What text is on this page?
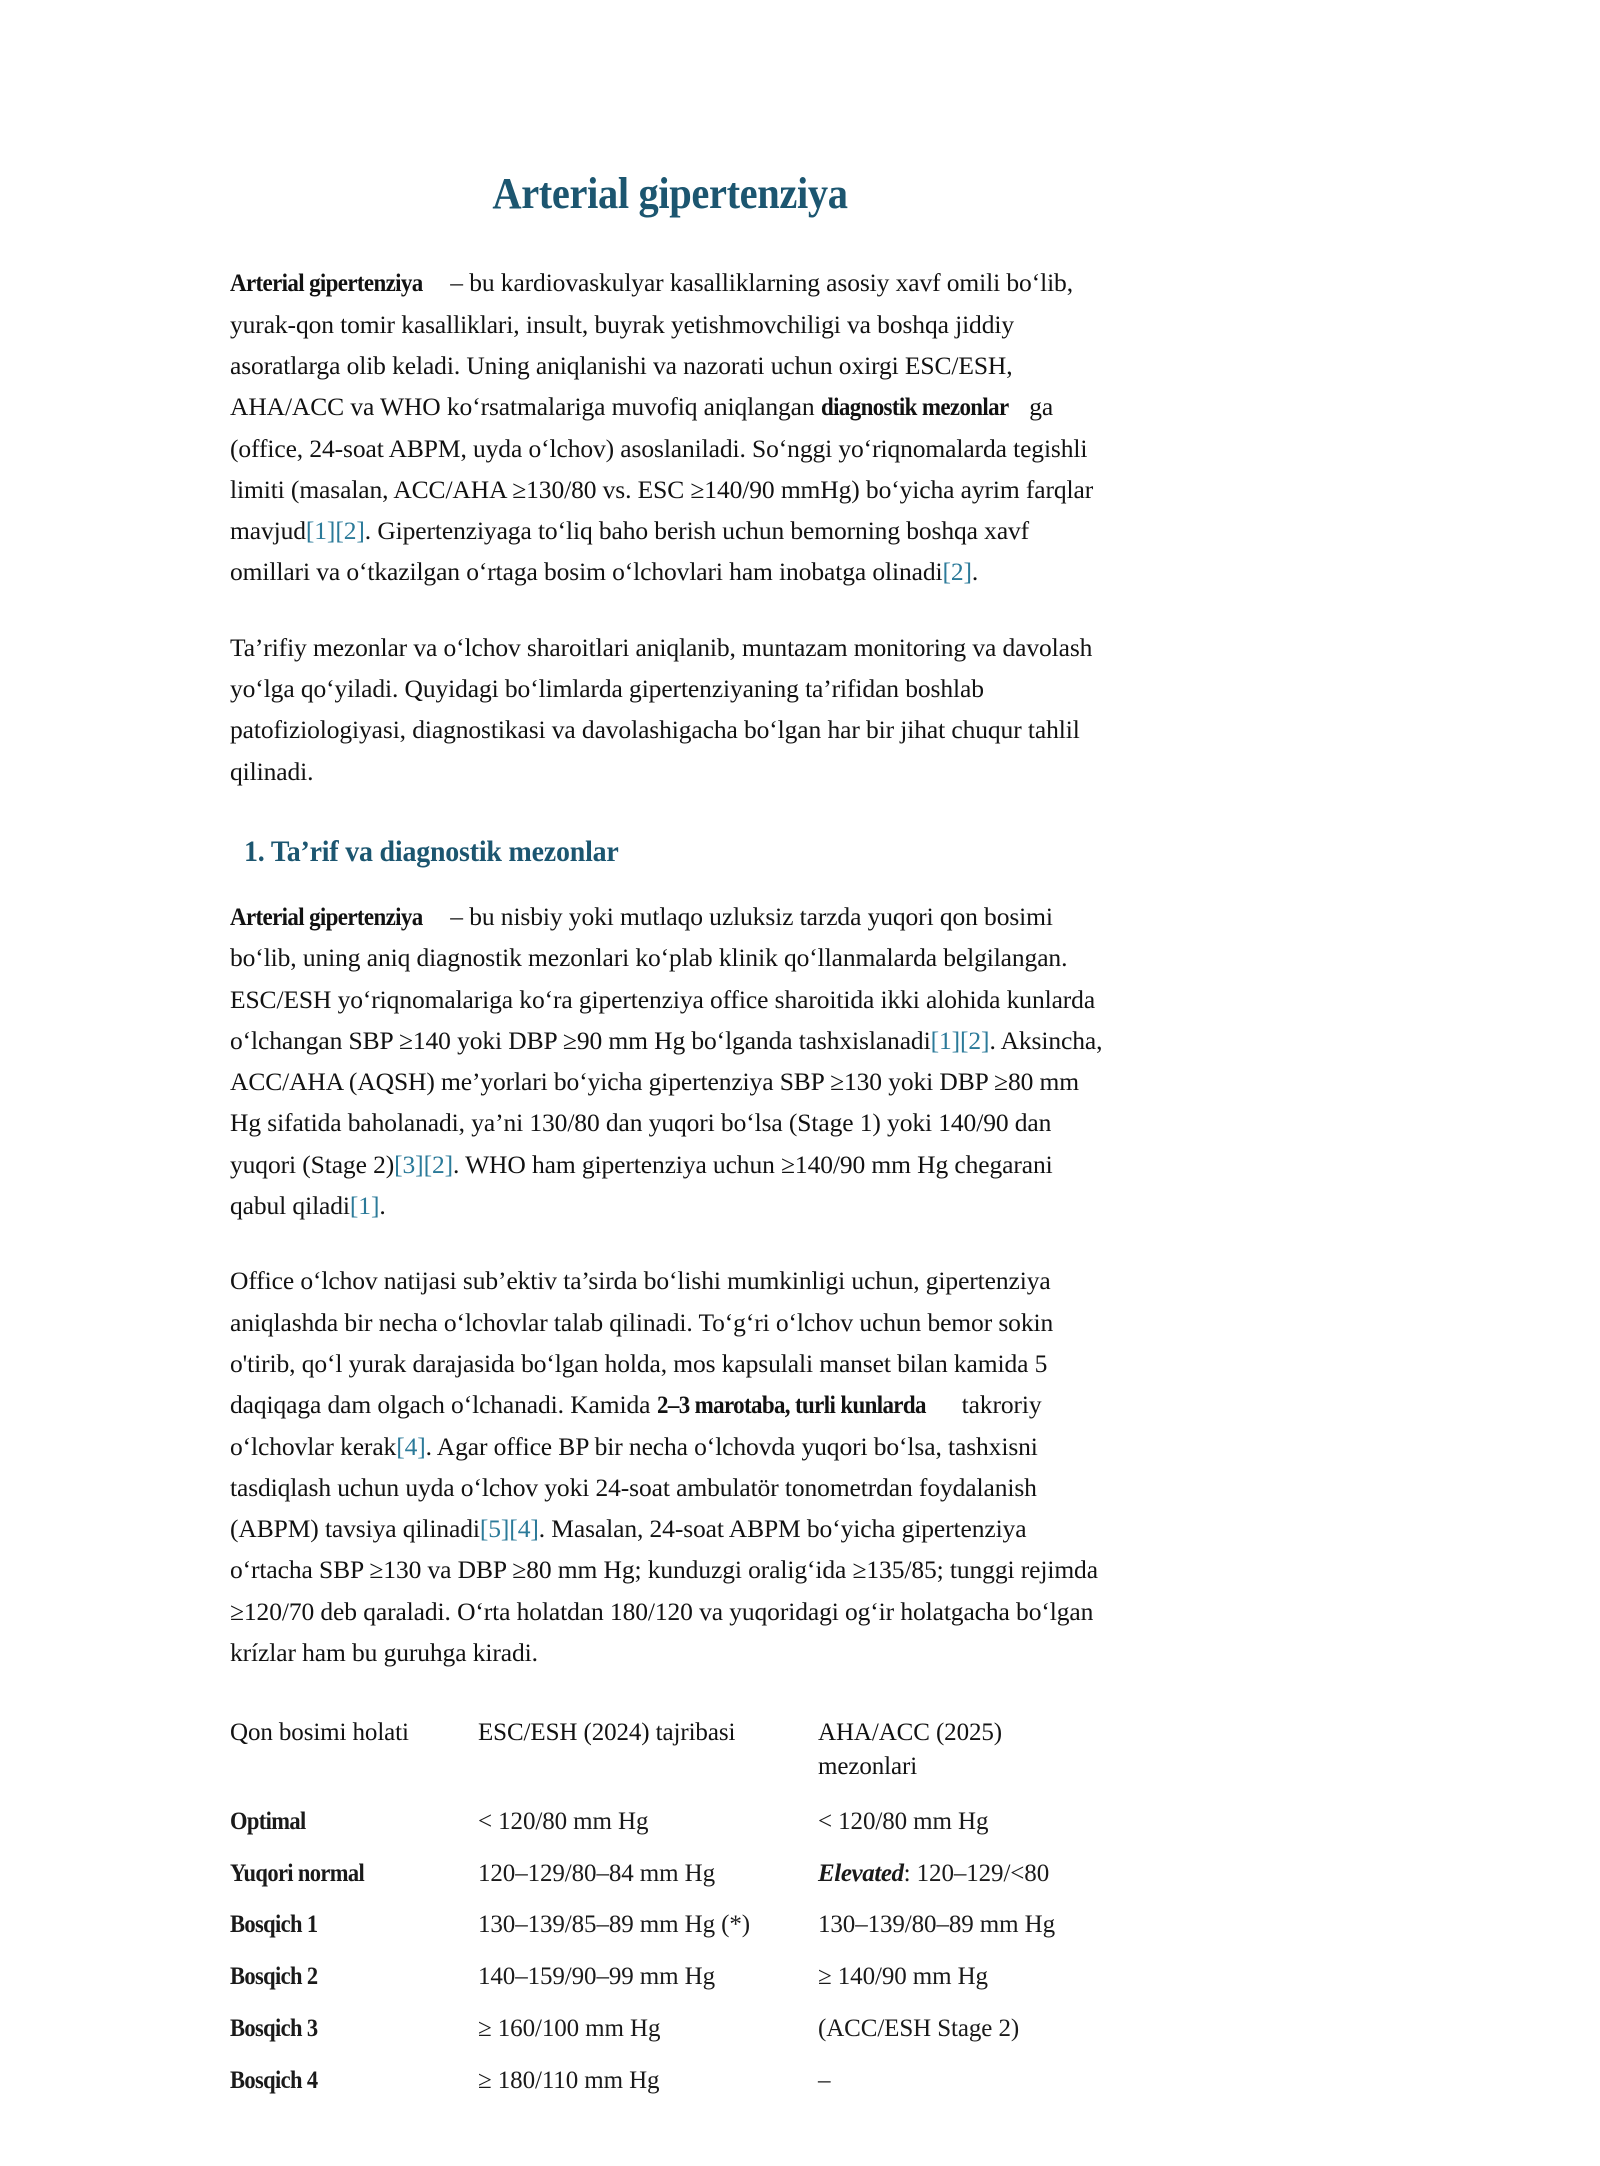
Arterial gipertenziya

Arterial gipertenziya – bu kardiovaskulyar kasalliklarning asosiy xavf omili bo‘lib, yurak-qon tomir kasalliklari, insult, buyrak yetishmovchiligi va boshqa jiddiy asoratlarga olib keladi. Uning aniqlanishi va nazorati uchun oxirgi ESC/ESH, AHA/ACC va WHO ko‘rsatmalariga muvofiq aniqlangan diagnostik mezonlar ga (office, 24-soat ABPM, uyda o‘lchov) asoslaniladi. So‘nggi yo‘riqnomalarda tegishli limiti (masalan, ACC/AHA ≥130/80 vs. ESC ≥140/90 mmHg) bo‘yicha ayrim farqlar mavjud[1][2]. Gipertenziyaga to‘liq baho berish uchun bemorning boshqa xavf omillari va o‘tkazilgan o‘rtaga bosim o‘lchovlari ham inobatga olinadi[2].

Ta’rifiy mezonlar va o‘lchov sharoitlari aniqlanib, muntazam monitoring va davolash yo‘lga qo‘yiladi. Quyidagi bo‘limlarda gipertenziyaning ta’rifidan boshlab patofiziologiyasi, diagnostikasi va davolashigacha bo‘lgan har bir jihat chuqur tahlil qilinadi.

1. Ta’rif va diagnostik mezonlar

Arterial gipertenziya – bu nisbiy yoki mutlaqo uzluksiz tarzda yuqori qon bosimi bo‘lib, uning aniq diagnostik mezonlari ko‘plab klinik qo‘llanmalarda belgilangan. ESC/ESH yo‘riqnomalariga ko‘ra gipertenziya office sharoitida ikki alohida kunlarda o‘lchangan SBP ≥140 yoki DBP ≥90 mm Hg bo‘lganda tashxislanadi[1][2]. Aksincha, ACC/AHA (AQSH) me’yorlari bo‘yicha gipertenziya SBP ≥130 yoki DBP ≥80 mm Hg sifatida baholanadi, ya’ni 130/80 dan yuqori bo‘lsa (Stage 1) yoki 140/90 dan yuqori (Stage 2)[3][2]. WHO ham gipertenziya uchun ≥140/90 mm Hg chegarani qabul qiladi[1].

Office o‘lchov natijasi sub’ektiv ta’sirda bo‘lishi mumkinligi uchun, gipertenziya aniqlashda bir necha o‘lchovlar talab qilinadi. To‘g‘ri o‘lchov uchun bemor sokin o'tirib, qo‘l yurak darajasida bo‘lgan holda, mos kapsulali manset bilan kamida 5 daqiqaga dam olgach o‘lchanadi. Kamida 2–3 marotaba, turli kunlarda takroriy o‘lchovlar kerak[4]. Agar office BP bir necha o‘lchovda yuqori bo‘lsa, tashxisni tasdiqlash uchun uyda o‘lchov yoki 24-soat ambulatör tonometrdan foydalanish (ABPM) tavsiya qilinadi[5][4]. Masalan, 24-soat ABPM bo‘yicha gipertenziya o‘rtacha SBP ≥130 va DBP ≥80 mm Hg; kunduzgi oralig‘ida ≥135/85; tunggi rejimda ≥120/70 deb qaraladi. O‘rta holatdan 180/120 va yuqoridagi og‘ir holatgacha bo‘lgan krízlar ham bu guruhga kiradi.

Qon bosimi holati	ESC/ESH (2024) tajribasi	AHA/ACC (2025) mezonlari
Optimal	< 120/80 mm Hg	< 120/80 mm Hg
Yuqori normal	120–129/80–84 mm Hg	Elevated: 120–129/<80
Bosqich 1	130–139/85–89 mm Hg (*)	130–139/80–89 mm Hg
Bosqich 2	140–159/90–99 mm Hg	≥ 140/90 mm Hg
Bosqich 3	≥ 160/100 mm Hg	(ACC/ESH Stage 2)
Bosqich 4	≥ 180/110 mm Hg	–
